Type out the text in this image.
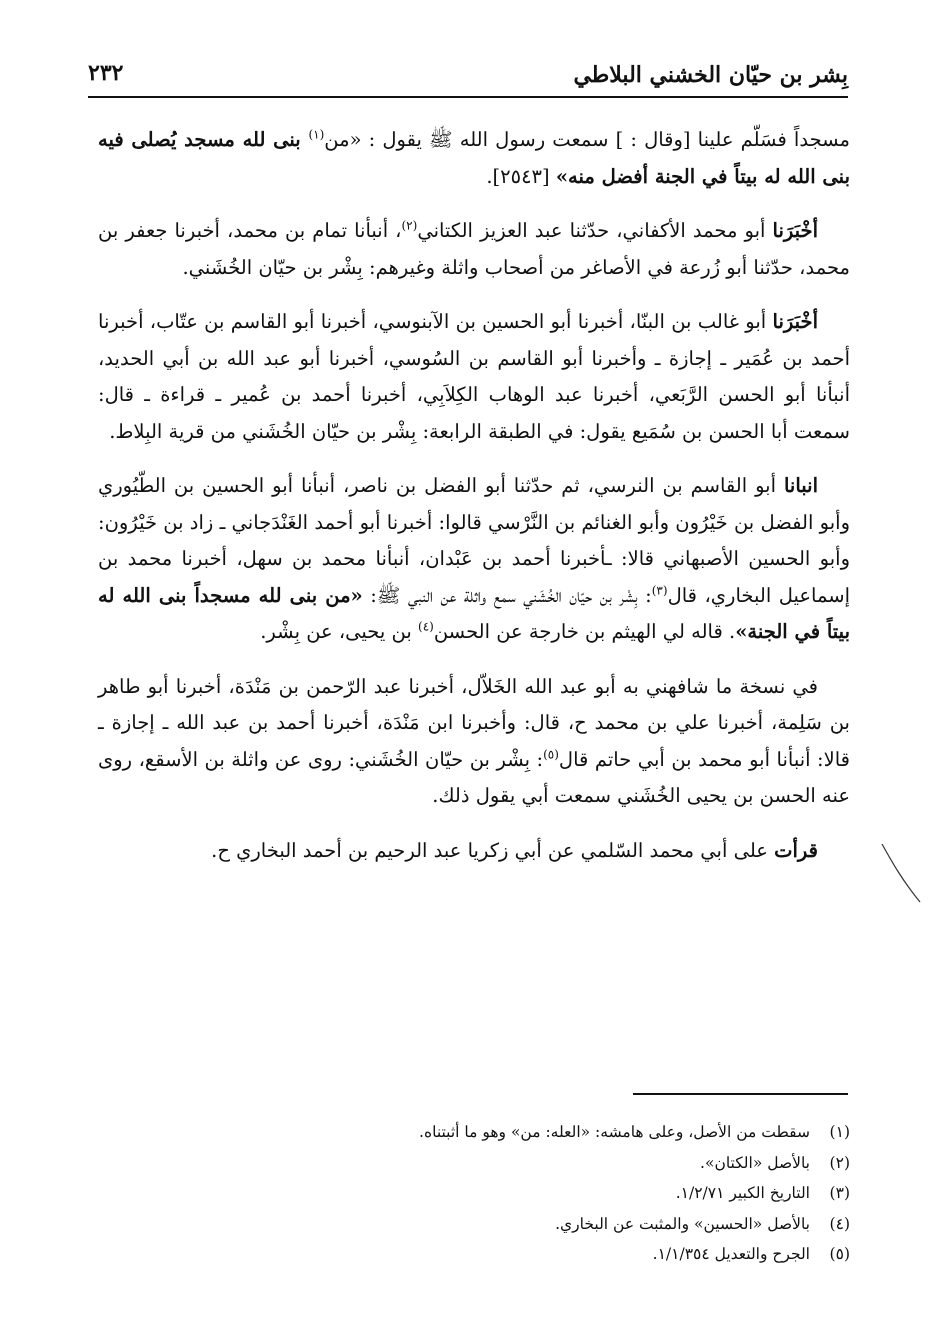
بِشر بن حيّان الخشني البلاطي
٢٣٢

مسجداً فسَلّم علينا [وقال : ] سمعت رسول الله ﷺ يقول : «من$^{(١)}$ بنى لله مسجد يُصلى فيه بنى الله له بيتاً في الجنة أفضل منه» [٢٥٤٣].

أخْبَرَنا أبو محمد الأكفاني، حدّثنا عبد العزيز الكتاني$^{(٢)}$، أنبأنا تمام بن محمد، أخبرنا جعفر بن محمد، حدّثنا أبو زُرعة في الأصاغر من أصحاب واثلة وغيرهم: بِشْر بن حيّان الخُشَني.

أخْبَرَنا أبو غالب بن البنّا، أخبرنا أبو الحسين بن الآبنوسي، أخبرنا أبو القاسم بن عتّاب، أخبرنا أحمد بن عُمَير ـ إجازة ـ وأخبرنا أبو القاسم بن السُوسي، أخبرنا أبو عبد الله بن أبي الحديد، أنبأنا أبو الحسن الرَّبَعي، أخبرنا عبد الوهاب الكِلاَبِي، أخبرنا أحمد بن عُمير ـ قراءة ـ قال: سمعت أبا الحسن بن سُمَيع يقول: في الطبقة الرابعة: بِشْر بن حيّان الخُشَني من قرية البِلاط.

انبانا أبو القاسم بن النرسي، ثم حدّثنا أبو الفضل بن ناصر، أنبأنا أبو الحسين بن الطّيُوري وأبو الفضل بن خَيْرُون وأبو الغنائم بن النَّرْسي قالوا: أخبرنا أبو أحمد الغَنْدَجاني ـ زاد بن خَيْرُون: وأبو الحسين الأصبهاني قالا: ـأخبرنا أحمد بن عَبْدان، أنبأنا محمد بن سهل، أخبرنا محمد بن إسماعيل البخاري، قال$^{(٣)}$: بِشْر بن حيّان الخُشَني سمع واثلة عن النبي ﷺ: «من بنى لله مسجداً بنى الله له بيتاً في الجنة». قاله لي الهيثم بن خارجة عن الحسن$^{(٤)}$ بن يحيى، عن بِشْر.

في نسخة ما شافهني به أبو عبد الله الخَلاّل، أخبرنا عبد الرّحمن بن مَنْدَة، أخبرنا أبو طاهر بن سَلِمة، أخبرنا علي بن محمد ح، قال: وأخبرنا ابن مَنْدَة، أخبرنا أحمد بن عبد الله ـ إجازة ـ قالا: أنبأنا أبو محمد بن أبي حاتم قال$^{(٥)}$: بِشْر بن حيّان الخُشَني: روى عن واثلة بن الأسقع، روى عنه الحسن بن يحيى الخُشَني سمعت أبي يقول ذلك.

قرأت على أبي محمد السّلمي عن أبي زكريا عبد الرحيم بن أحمد البخاري ح.

(١)سقطت من الأصل، وعلى هامشه: «العله: من» وهو ما أثبتناه.
(٢)بالأصل «الكتان».
(٣)التاريخ الكبير ١/٢/٧١.
(٤)بالأصل «الحسين» والمثبت عن البخاري.
(٥)الجرح والتعديل ١/١/٣٥٤.
